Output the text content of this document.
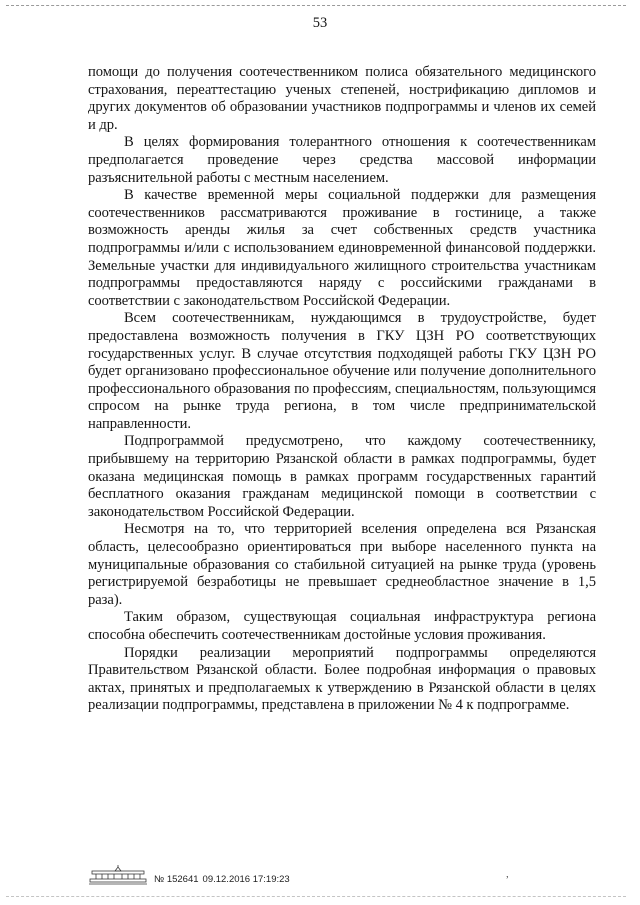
53

помощи до получения соотечественником полиса обязательного медицинского страхования, переаттестацию ученых степеней, нострификацию дипломов и других документов об образовании участников подпрограммы и членов их семей и др.

В целях формирования толерантного отношения к соотечественникам предполагается проведение через средства массовой информации разъяснительной работы с местным населением.

В качестве временной меры социальной поддержки для размещения соотечественников рассматриваются проживание в гостинице, а также возможность аренды жилья за счет собственных средств участника подпрограммы и/или с использованием единовременной финансовой поддержки. Земельные участки для индивидуального жилищного строительства участникам подпрограммы предоставляются наряду с российскими гражданами в соответствии с законодательством Российской Федерации.

Всем соотечественникам, нуждающимся в трудоустройстве, будет предоставлена возможность получения в ГКУ ЦЗН РО соответствующих государственных услуг. В случае отсутствия подходящей работы ГКУ ЦЗН РО будет организовано профессиональное обучение или получение дополнительного профессионального образования по профессиям, специальностям, пользующимся спросом на рынке труда региона, в том числе предпринимательской направленности.

Подпрограммой предусмотрено, что каждому соотечественнику, прибывшему на территорию Рязанской области в рамках подпрограммы, будет оказана медицинская помощь в рамках программ государственных гарантий бесплатного оказания гражданам медицинской помощи в соответствии с законодательством Российской Федерации.

Несмотря на то, что территорией вселения определена вся Рязанская область, целесообразно ориентироваться при выборе населенного пункта на муниципальные образования со стабильной ситуацией на рынке труда (уровень регистрируемой безработицы не превышает среднеобластное значение в 1,5 раза).

Таким образом, существующая социальная инфраструктура региона способна обеспечить соотечественникам достойные условия проживания.

Порядки реализации мероприятий подпрограммы определяются Правительством Рязанской области. Более подробная информация о правовых актах, принятых и предполагаемых к утверждению в Рязанской области в целях реализации подпрограммы, представлена в приложении № 4 к подпрограмме.

№ 152641 09.12.2016 17:19:23	,
